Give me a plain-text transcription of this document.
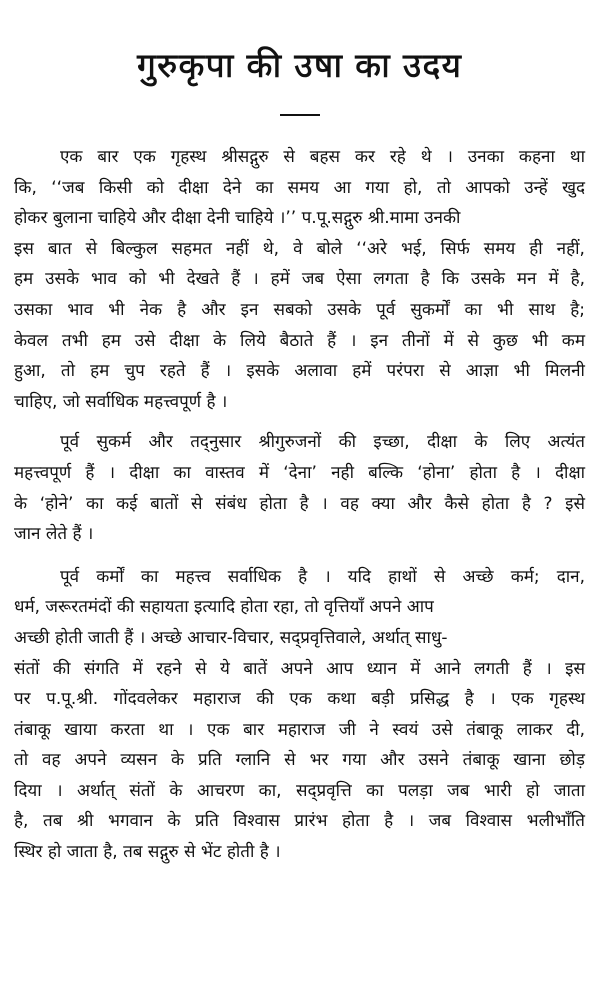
गुरुकृपा की उषा का उदय

एक बार एक गृहस्थ श्रीसद्गुरु से बहस कर रहे थे । उनका कहना था
कि, ‘‘जब किसी को दीक्षा देने का समय आ गया हो, तो आपको उन्हें खुद
होकर बुलाना चाहिये और दीक्षा देनी चाहिये ।’’ प.पू.सद्गुरु श्री.मामा उनकी
इस बात से बिल्कुल सहमत नहीं थे, वे बोले ‘‘अरे भई, सिर्फ समय ही नहीं,
हम उसके भाव को भी देखते हैं । हमें जब ऐसा लगता है कि उसके मन में है,
उसका भाव भी नेक है और इन सबको उसके पूर्व सुकर्मों का भी साथ है;
केवल तभी हम उसे दीक्षा के लिये बैठाते हैं । इन तीनों में से कुछ भी कम
हुआ, तो हम चुप रहते हैं । इसके अलावा हमें परंपरा से आज्ञा भी मिलनी
चाहिए, जो सर्वाधिक महत्त्वपूर्ण है ।

पूर्व सुकर्म और तद्नुसार श्रीगुरुजनों की इच्छा, दीक्षा के लिए अत्यंत
महत्त्वपूर्ण हैं । दीक्षा का वास्तव में ‘देना’ नही बल्कि ‘होना’ होता है । दीक्षा
के ‘होने’ का कई बातों से संबंध होता है । वह क्या और कैसे होता है ? इसे
जान लेते हैं ।

पूर्व कर्मों का महत्त्व सर्वाधिक है । यदि हाथों से अच्छे कर्म; दान,
धर्म, जरूरतमंदों की सहायता इत्यादि होता रहा, तो वृत्तियाँ अपने आप
अच्छी होती जाती हैं । अच्छे आचार-विचार, सद्प्रवृत्तिवाले, अर्थात् साधु-
संतों की संगति में रहने से ये बातें अपने आप ध्यान में आने लगती हैं । इस
पर प.पू.श्री. गोंदवलेकर महाराज की एक कथा बड़ी प्रसिद्ध है । एक गृहस्थ
तंबाकू खाया करता था । एक बार महाराज जी ने स्वयं उसे तंबाकू लाकर दी,
तो वह अपने व्यसन के प्रति ग्लानि से भर गया और उसने तंबाकू खाना छोड़
दिया । अर्थात् संतों के आचरण का, सद्प्रवृत्ति का पलड़ा जब भारी हो जाता
है, तब श्री भगवान के प्रति विश्वास प्रारंभ होता है । जब विश्वास भलीभाँति
स्थिर हो जाता है, तब सद्गुरु से भेंट होती है ।
